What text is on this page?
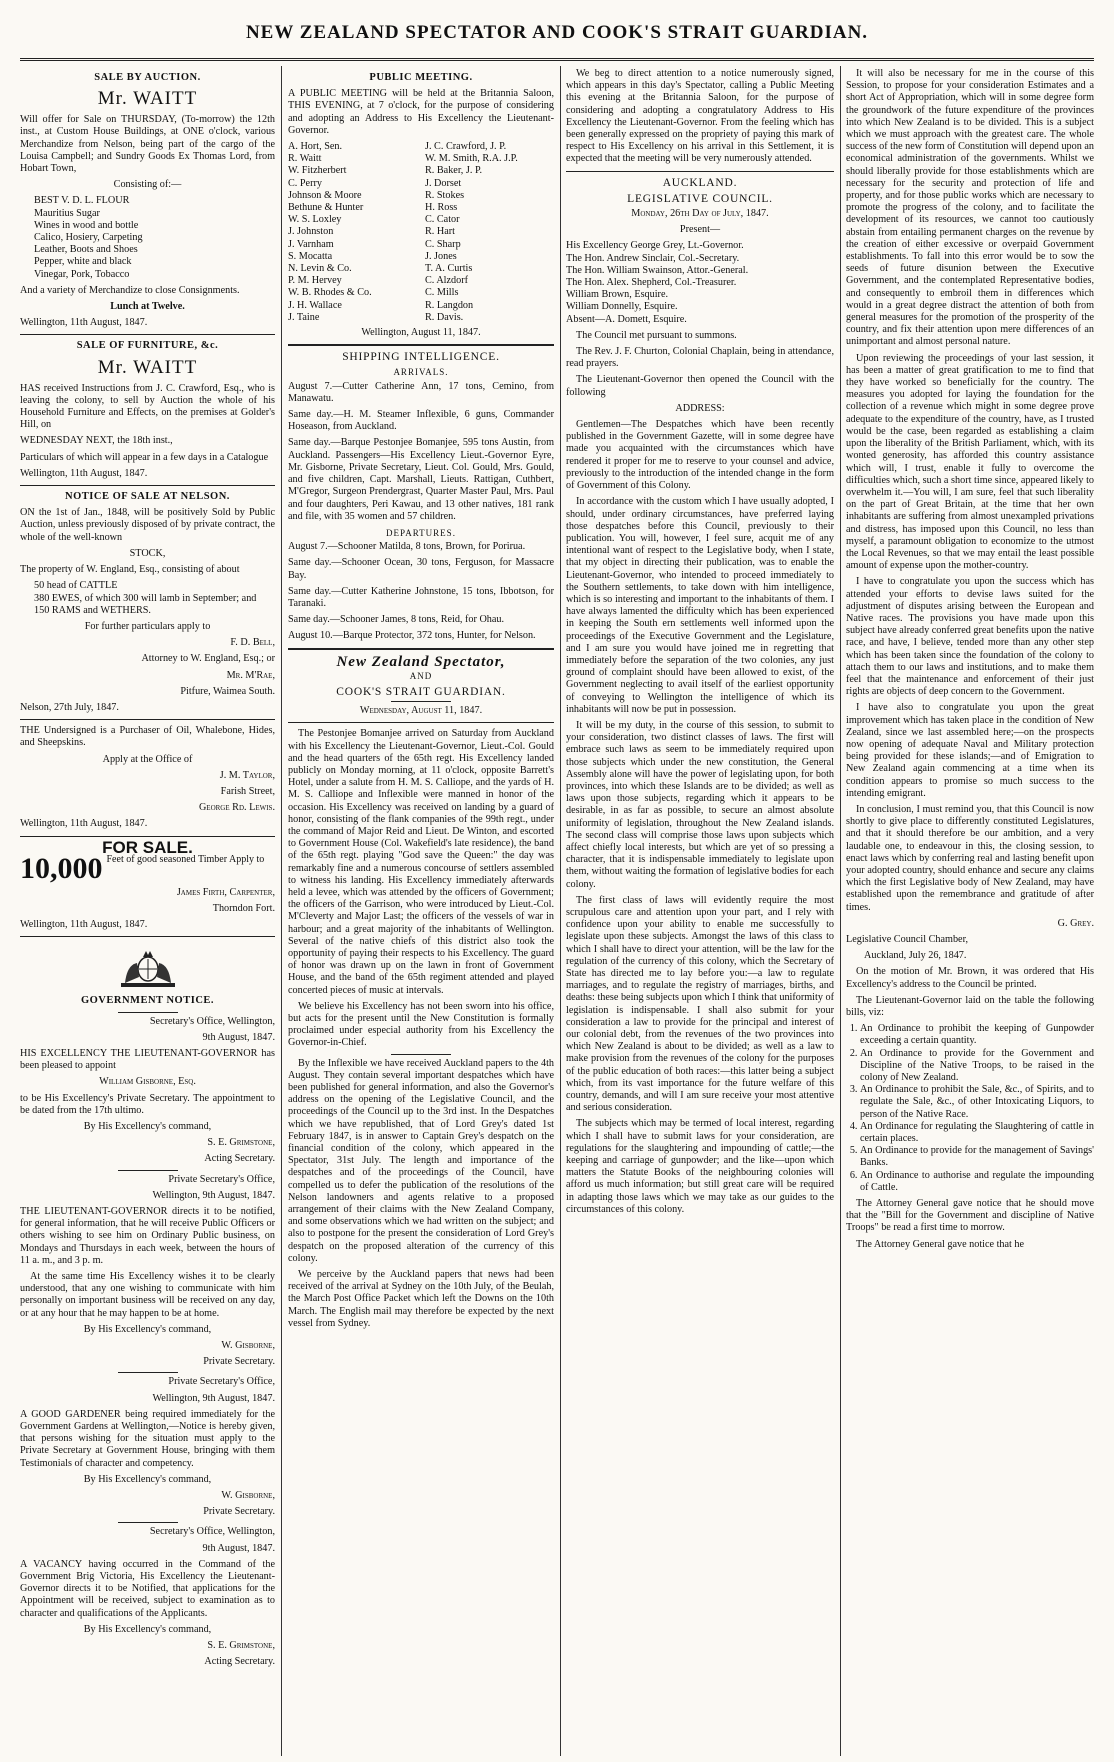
NEW ZEALAND SPECTATOR AND COOK'S STRAIT GUARDIAN.

SALE BY AUCTION.

Mr. WAITT

Will offer for Sale on THURSDAY, (To-morrow) the 12th inst., at Custom House Buildings, at ONE o'clock, various Merchandize from Nelson, being part of the cargo of the Louisa Campbell; and Sundry Goods Ex Thomas Lord, from Hobart Town,

Consisting of:—

BEST V. D. L. FLOUR
Mauritius Sugar
Wines in wood and bottle
Calico, Hosiery, Carpeting
Leather, Boots and Shoes
Pepper, white and black
Vinegar, Pork, Tobacco

And a variety of Merchandize to close Consignments.

Lunch at Twelve.

Wellington, 11th August, 1847.

SALE OF FURNITURE, &c.

Mr. WAITT

HAS received Instructions from J. C. Crawford, Esq., who is leaving the colony, to sell by Auction the whole of his Household Furniture and Effects, on the premises at Golder's Hill, on

WEDNESDAY NEXT, the 18th inst.,

Particulars of which will appear in a few days in a Catalogue

Wellington, 11th August, 1847.

NOTICE OF SALE AT NELSON.

ON the 1st of Jan., 1848, will be positively Sold by Public Auction, unless previously disposed of by private contract, the whole of the well-known

STOCK,

The property of W. England, Esq., consisting of about

50 head of CATTLE
380 EWES, of which 300 will lamb in September; and
150 RAMS and WETHERS.

For further particulars apply to

F. D. Bell,

Attorney to W. England, Esq.; or

Mr. M'Rae,

Pitfure, Waimea South.

Nelson, 27th July, 1847.

THE Undersigned is a Purchaser of Oil, Whalebone, Hides, and Sheepskins.

Apply at the Office of

J. M. Taylor,

Farish Street,

George Rd. Lewis.

Wellington, 11th August, 1847.

FOR SALE.

10,000 Feet of good seasoned Timber Apply to

James Firth, Carpenter,

Thorndon Fort.

Wellington, 11th August, 1847.

GOVERNMENT NOTICE.

Secretary's Office, Wellington,

9th August, 1847.

HIS EXCELLENCY THE LIEUTENANT-GOVERNOR has been pleased to appoint

William Gisborne, Esq.

to be His Excellency's Private Secretary. The appointment to be dated from the 17th ultimo.

By His Excellency's command,

S. E. Grimstone,

Acting Secretary.

Private Secretary's Office,

Wellington, 9th August, 1847.

THE LIEUTENANT-GOVERNOR directs it to be notified, for general information, that he will receive Public Officers or others wishing to see him on Ordinary Public business, on Mondays and Thursdays in each week, between the hours of 11 a. m., and 3 p. m.

At the same time His Excellency wishes it to be clearly understood, that any one wishing to communicate with him personally on important business will be received on any day, or at any hour that he may happen to be at home.

By His Excellency's command,

W. Gisborne,

Private Secretary.

Private Secretary's Office,

Wellington, 9th August, 1847.

A GOOD GARDENER being required immediately for the Government Gardens at Wellington,—Notice is hereby given, that persons wishing for the situation must apply to the Private Secretary at Government House, bringing with them Testimonials of character and competency.

By His Excellency's command,

W. Gisborne,

Private Secretary.

Secretary's Office, Wellington,

9th August, 1847.

A VACANCY having occurred in the Command of the Government Brig Victoria, His Excellency the Lieutenant-Governor directs it to be Notified, that applications for the Appointment will be received, subject to examination as to character and qualifications of the Applicants.

By His Excellency's command,

S. E. Grimstone,

Acting Secretary.

PUBLIC MEETING.

A PUBLIC MEETING will be held at the Britannia Saloon, THIS EVENING, at 7 o'clock, for the purpose of considering and adopting an Address to His Excellency the Lieutenant-Governor.

A. Hort, Sen.
R. Waitt
W. Fitzherbert
C. Perry
Johnson & Moore
Bethune & Hunter
W. S. Loxley
J. Johnston
J. Varnham
S. Mocatta
N. Levin & Co.
P. M. Hervey
W. B. Rhodes & Co.
J. H. Wallace
J. Taine
J. C. Crawford, J. P.
W. M. Smith, R.A. J.P.
R. Baker, J. P.
J. Dorset
R. Stokes
H. Ross
C. Cator
R. Hart
C. Sharp
J. Jones
T. A. Curtis
C. Alzdorf
C. Mills
R. Langdon
R. Davis.

Wellington, August 11, 1847.

SHIPPING INTELLIGENCE.

ARRIVALS.

August 7.—Cutter Catherine Ann, 17 tons, Cemino, from Manawatu.

Same day.—H. M. Steamer Inflexible, 6 guns, Commander Hoseason, from Auckland.

Same day.—Barque Pestonjee Bomanjee, 595 tons Austin, from Auckland. Passengers—His Excellency Lieut.-Governor Eyre, Mr. Gisborne, Private Secretary, Lieut. Col. Gould, Mrs. Gould, and five children, Capt. Marshall, Lieuts. Rattigan, Cuthbert, M'Gregor, Surgeon Prendergrast, Quarter Master Paul, Mrs. Paul and four daughters, Peri Kawau, and 13 other natives, 181 rank and file, with 35 women and 57 children.

DEPARTURES.

August 7.—Schooner Matilda, 8 tons, Brown, for Porirua.

Same day.—Schooner Ocean, 30 tons, Ferguson, for Massacre Bay.

Same day.—Cutter Katherine Johnstone, 15 tons, Ibbotson, for Taranaki.

Same day.—Schooner James, 8 tons, Reid, for Ohau.

August 10.—Barque Protector, 372 tons, Hunter, for Nelson.

New Zealand Spectator,

AND

COOK'S STRAIT GUARDIAN.

Wednesday, August 11, 1847.

The Pestonjee Bomanjee arrived on Saturday from Auckland with his Excellency the Lieutenant-Governor, Lieut.-Col. Gould and the head quarters of the 65th regt. His Excellency landed publicly on Monday morning, at 11 o'clock, opposite Barrett's Hotel, under a salute from H. M. S. Calliope, and the yards of H. M. S. Calliope and Inflexible were manned in honor of the occasion. His Excellency was received on landing by a guard of honor, consisting of the flank companies of the 99th regt., under the command of Major Reid and Lieut. De Winton, and escorted to Government House (Col. Wakefield's late residence), the band of the 65th regt. playing "God save the Queen:" the day was remarkably fine and a numerous concourse of settlers assembled to witness his landing. His Excellency immediately afterwards held a levee, which was attended by the officers of Government; the officers of the Garrison, who were introduced by Lieut.-Col. M'Cleverty and Major Last; the officers of the vessels of war in harbour; and a great majority of the inhabitants of Wellington. Several of the native chiefs of this district also took the opportunity of paying their respects to his Excellency. The guard of honor was drawn up on the lawn in front of Government House, and the band of the 65th regiment attended and played concerted pieces of music at intervals.

We believe his Excellency has not been sworn into his office, but acts for the present until the New Constitution is formally proclaimed under especial authority from his Excellency the Governor-in-Chief.

By the Inflexible we have received Auckland papers to the 4th August. They contain several important despatches which have been published for general information, and also the Governor's address on the opening of the Legislative Council, and the proceedings of the Council up to the 3rd inst. In the Despatches which we have republished, that of Lord Grey's dated 1st February 1847, is in answer to Captain Grey's despatch on the financial condition of the colony, which appeared in the Spectator, 31st July. The length and importance of the despatches and of the proceedings of the Council, have compelled us to defer the publication of the resolutions of the Nelson landowners and agents relative to a proposed arrangement of their claims with the New Zealand Company, and some observations which we had written on the subject; and also to postpone for the present the consideration of Lord Grey's despatch on the proposed alteration of the currency of this colony.

We perceive by the Auckland papers that news had been received of the arrival at Sydney on the 10th July, of the Beulah, the March Post Office Packet which left the Downs on the 10th March. The English mail may therefore be expected by the next vessel from Sydney.

We beg to direct attention to a notice numerously signed, which appears in this day's Spectator, calling a Public Meeting this evening at the Britannia Saloon, for the purpose of considering and adopting a congratulatory Address to His Excellency the Lieutenant-Governor. From the feeling which has been generally expressed on the propriety of paying this mark of respect to His Excellency on his arrival in this Settlement, it is expected that the meeting will be very numerously attended.

AUCKLAND.

LEGISLATIVE COUNCIL.

Monday, 26th Day of July, 1847.

Present—

His Excellency George Grey, Lt.-Governor.
The Hon. Andrew Sinclair, Col.-Secretary.
The Hon. William Swainson, Attor.-General.
The Hon. Alex. Shepherd, Col.-Treasurer.
William Brown, Esquire.
William Donnelly, Esquire.
Absent—A. Domett, Esquire.

The Council met pursuant to summons.

The Rev. J. F. Churton, Colonial Chaplain, being in attendance, read prayers.

The Lieutenant-Governor then opened the Council with the following

ADDRESS:

Gentlemen—The Despatches which have been recently published in the Government Gazette, will in some degree have made you acquainted with the circumstances which have rendered it proper for me to reserve to your counsel and advice, previously to the introduction of the intended change in the form of Government of this Colony.

In accordance with the custom which I have usually adopted, I should, under ordinary circumstances, have preferred laying those despatches before this Council, previously to their publication. You will, however, I feel sure, acquit me of any intentional want of respect to the Legislative body, when I state, that my object in directing their publication, was to enable the Lieutenant-Governor, who intended to proceed immediately to the Southern settlements, to take down with him intelligence, which is so interesting and important to the inhabitants of them. I have always lamented the difficulty which has been experienced in keeping the South ern settlements well informed upon the proceedings of the Executive Government and the Legislature, and I am sure you would have joined me in regretting that immediately before the separation of the two colonies, any just ground of complaint should have been allowed to exist, of the Government neglecting to avail itself of the earliest opportunity of conveying to Wellington the intelligence of which its inhabitants will now be put in possession.

It will be my duty, in the course of this session, to submit to your consideration, two distinct classes of laws. The first will embrace such laws as seem to be immediately required upon those subjects which under the new constitution, the General Assembly alone will have the power of legislating upon, for both provinces, into which these Islands are to be divided; as well as laws upon those subjects, regarding which it appears to be desirable, in as far as possible, to secure an almost absolute uniformity of legislation, throughout the New Zealand islands. The second class will comprise those laws upon subjects which affect chiefly local interests, but which are yet of so pressing a character, that it is indispensable immediately to legislate upon them, without waiting the formation of legislative bodies for each colony.

The first class of laws will evidently require the most scrupulous care and attention upon your part, and I rely with confidence upon your ability to enable me successfully to legislate upon these subjects. Amongst the laws of this class to which I shall have to direct your attention, will be the law for the regulation of the currency of this colony, which the Secretary of State has directed me to lay before you:—a law to regulate marriages, and to regulate the registry of marriages, births, and deaths: these being subjects upon which I think that uniformity of legislation is indispensable. I shall also submit for your consideration a law to provide for the principal and interest of our colonial debt, from the revenues of the two provinces into which New Zealand is about to be divided; as well as a law to make provision from the revenues of the colony for the purposes of the public education of both races:—this latter being a subject which, from its vast importance for the future welfare of this country, demands, and will I am sure receive your most attentive and serious consideration.

The subjects which may be termed of local interest, regarding which I shall have to submit laws for your consideration, are regulations for the slaughtering and impounding of cattle;—the keeping and carriage of gunpowder; and the like—upon which matters the Statute Books of the neighbouring colonies will afford us much information; but still great care will be required in adapting those laws which we may take as our guides to the circumstances of this colony.

It will also be necessary for me in the course of this Session, to propose for your consideration Estimates and a short Act of Appropriation, which will in some degree form the groundwork of the future expenditure of the provinces into which New Zealand is to be divided. This is a subject which we must approach with the greatest care. The whole success of the new form of Constitution will depend upon an economical administration of the governments. Whilst we should liberally provide for those establishments which are necessary for the security and protection of life and property, and for those public works which are necessary to promote the progress of the colony, and to facilitate the development of its resources, we cannot too cautiously abstain from entailing permanent charges on the revenue by the creation of either excessive or overpaid Government establishments. To fall into this error would be to sow the seeds of future disunion between the Executive Government, and the contemplated Representative bodies, and consequently to embroil them in differences which would in a great degree distract the attention of both from general measures for the promotion of the prosperity of the country, and fix their attention upon mere differences of an unimportant and almost personal nature.

Upon reviewing the proceedings of your last session, it has been a matter of great gratification to me to find that they have worked so beneficially for the country. The measures you adopted for laying the foundation for the collection of a revenue which might in some degree prove adequate to the expenditure of the country, have, as I trusted would be the case, been regarded as establishing a claim upon the liberality of the British Parliament, which, with its wonted generosity, has afforded this country assistance which will, I trust, enable it fully to overcome the difficulties which, such a short time since, appeared likely to overwhelm it.—You will, I am sure, feel that such liberality on the part of Great Britain, at the time that her own inhabitants are suffering from almost unexampled privations and distress, has imposed upon this Council, no less than myself, a paramount obligation to economize to the utmost the Local Revenues, so that we may entail the least possible amount of expense upon the mother-country.

I have to congratulate you upon the success which has attended your efforts to devise laws suited for the adjustment of disputes arising between the European and Native races. The provisions you have made upon this subject have already conferred great benefits upon the native race, and have, I believe, tended more than any other step which has been taken since the foundation of the colony to attach them to our laws and institutions, and to make them feel that the maintenance and enforcement of their just rights are objects of deep concern to the Government.

I have also to congratulate you upon the great improvement which has taken place in the condition of New Zealand, since we last assembled here;—on the prospects now opening of adequate Naval and Military protection being provided for these islands;—and of Emigration to New Zealand again commencing at a time when its condition appears to promise so much success to the intending emigrant.

In conclusion, I must remind you, that this Council is now shortly to give place to differently constituted Legislatures, and that it should therefore be our ambition, and a very laudable one, to endeavour in this, the closing session, to enact laws which by conferring real and lasting benefit upon your adopted country, should enhance and secure any claims which the first Legislative body of New Zealand, may have established upon the remembrance and gratitude of after times.

G. Grey.

Legislative Council Chamber,

Auckland, July 26, 1847.

On the motion of Mr. Brown, it was ordered that His Excellency's address to the Council be printed.

The Lieutenant-Governor laid on the table the following bills, viz:

1. An Ordinance to prohibit the keeping of Gunpowder exceeding a certain quantity.
2. An Ordinance to provide for the Government and Discipline of the Native Troops, to be raised in the colony of New Zealand.
3. An Ordinance to prohibit the Sale, &c., of Spirits, and to regulate the Sale, &c., of other Intoxicating Liquors, to person of the Native Race.
4. An Ordinance for regulating the Slaughtering of cattle in certain places.
5. An Ordinance to provide for the management of Savings' Banks.
6. An Ordinance to authorise and regulate the impounding of Cattle.

The Attorney General gave notice that he should move that the "Bill for the Government and discipline of Native Troops" be read a first time to morrow.

The Attorney General gave notice that he
